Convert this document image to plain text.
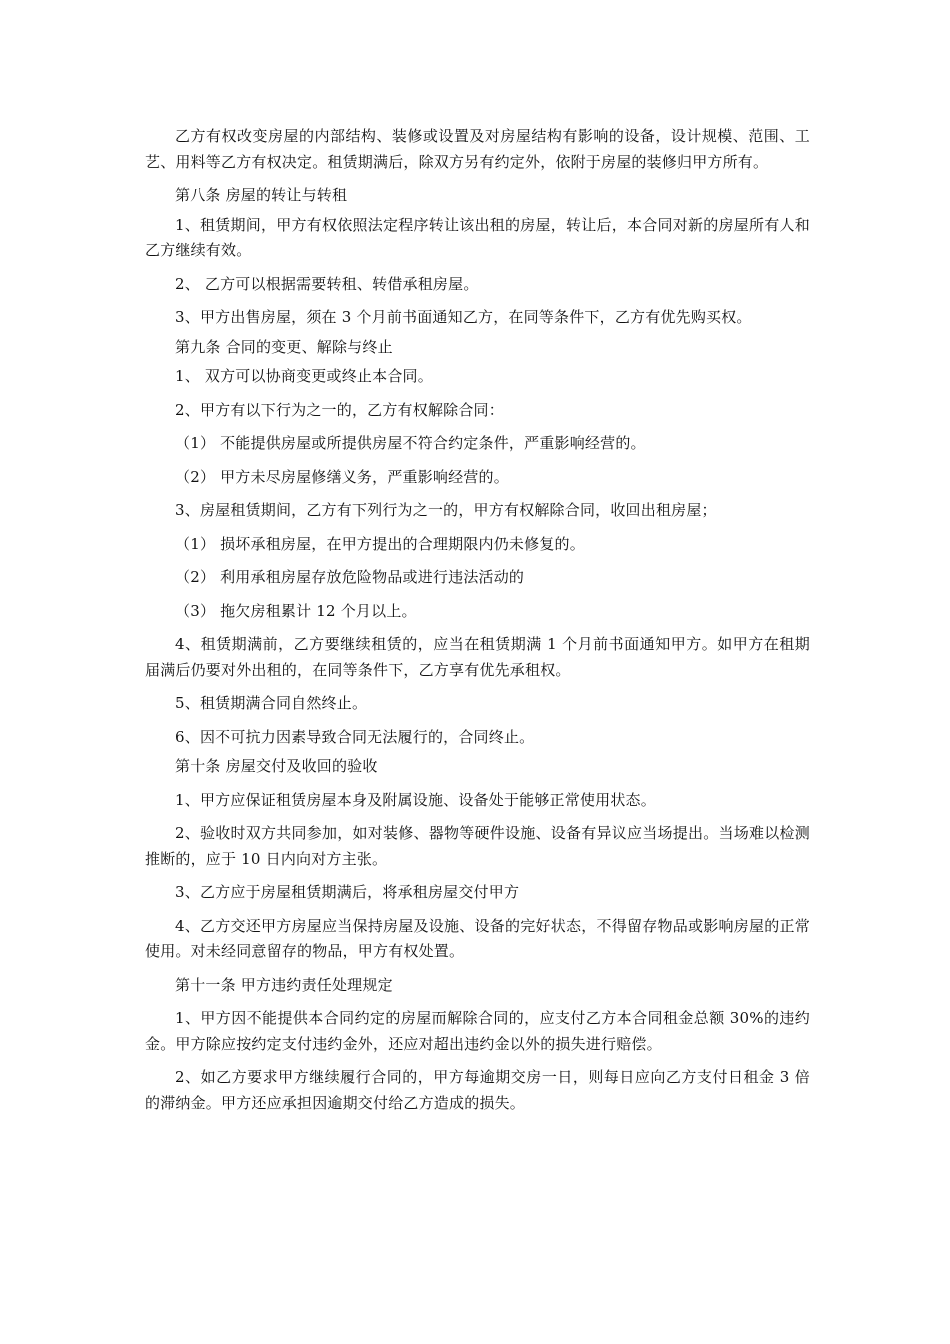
乙方有权改变房屋的内部结构、装修或设置及对房屋结构有影响的设备，设计规模、范围、工艺、用料等乙方有权决定。租赁期满后，除双方另有约定外，依附于房屋的装修归甲方所有。

第八条 房屋的转让与转租

1、租赁期间，甲方有权依照法定程序转让该出租的房屋，转让后，本合同对新的房屋所有人和乙方继续有效。

2、 乙方可以根据需要转租、转借承租房屋。

3、甲方出售房屋，须在 3 个月前书面通知乙方，在同等条件下，乙方有优先购买权。

第九条 合同的变更、解除与终止

1、 双方可以协商变更或终止本合同。

2、甲方有以下行为之一的，乙方有权解除合同：

（1） 不能提供房屋或所提供房屋不符合约定条件，严重影响经营的。

（2） 甲方未尽房屋修缮义务，严重影响经营的。

3、房屋租赁期间，乙方有下列行为之一的，甲方有权解除合同，收回出租房屋；

（1） 损坏承租房屋，在甲方提出的合理期限内仍未修复的。

（2） 利用承租房屋存放危险物品或进行违法活动的

（3） 拖欠房租累计 12 个月以上。

4、租赁期满前，乙方要继续租赁的，应当在租赁期满 1 个月前书面通知甲方。如甲方在租期届满后仍要对外出租的，在同等条件下，乙方享有优先承租权。

5、租赁期满合同自然终止。

6、因不可抗力因素导致合同无法履行的，合同终止。

第十条 房屋交付及收回的验收

1、甲方应保证租赁房屋本身及附属设施、设备处于能够正常使用状态。

2、验收时双方共同参加，如对装修、器物等硬件设施、设备有异议应当场提出。当场难以检测推断的，应于 10 日内向对方主张。

3、乙方应于房屋租赁期满后，将承租房屋交付甲方

4、乙方交还甲方房屋应当保持房屋及设施、设备的完好状态，不得留存物品或影响房屋的正常使用。对未经同意留存的物品，甲方有权处置。

第十一条 甲方违约责任处理规定

1、甲方因不能提供本合同约定的房屋而解除合同的，应支付乙方本合同租金总额 30%的违约金。甲方除应按约定支付违约金外，还应对超出违约金以外的损失进行赔偿。

2、如乙方要求甲方继续履行合同的，甲方每逾期交房一日，则每日应向乙方支付日租金 3 倍的滞纳金。甲方还应承担因逾期交付给乙方造成的损失。
